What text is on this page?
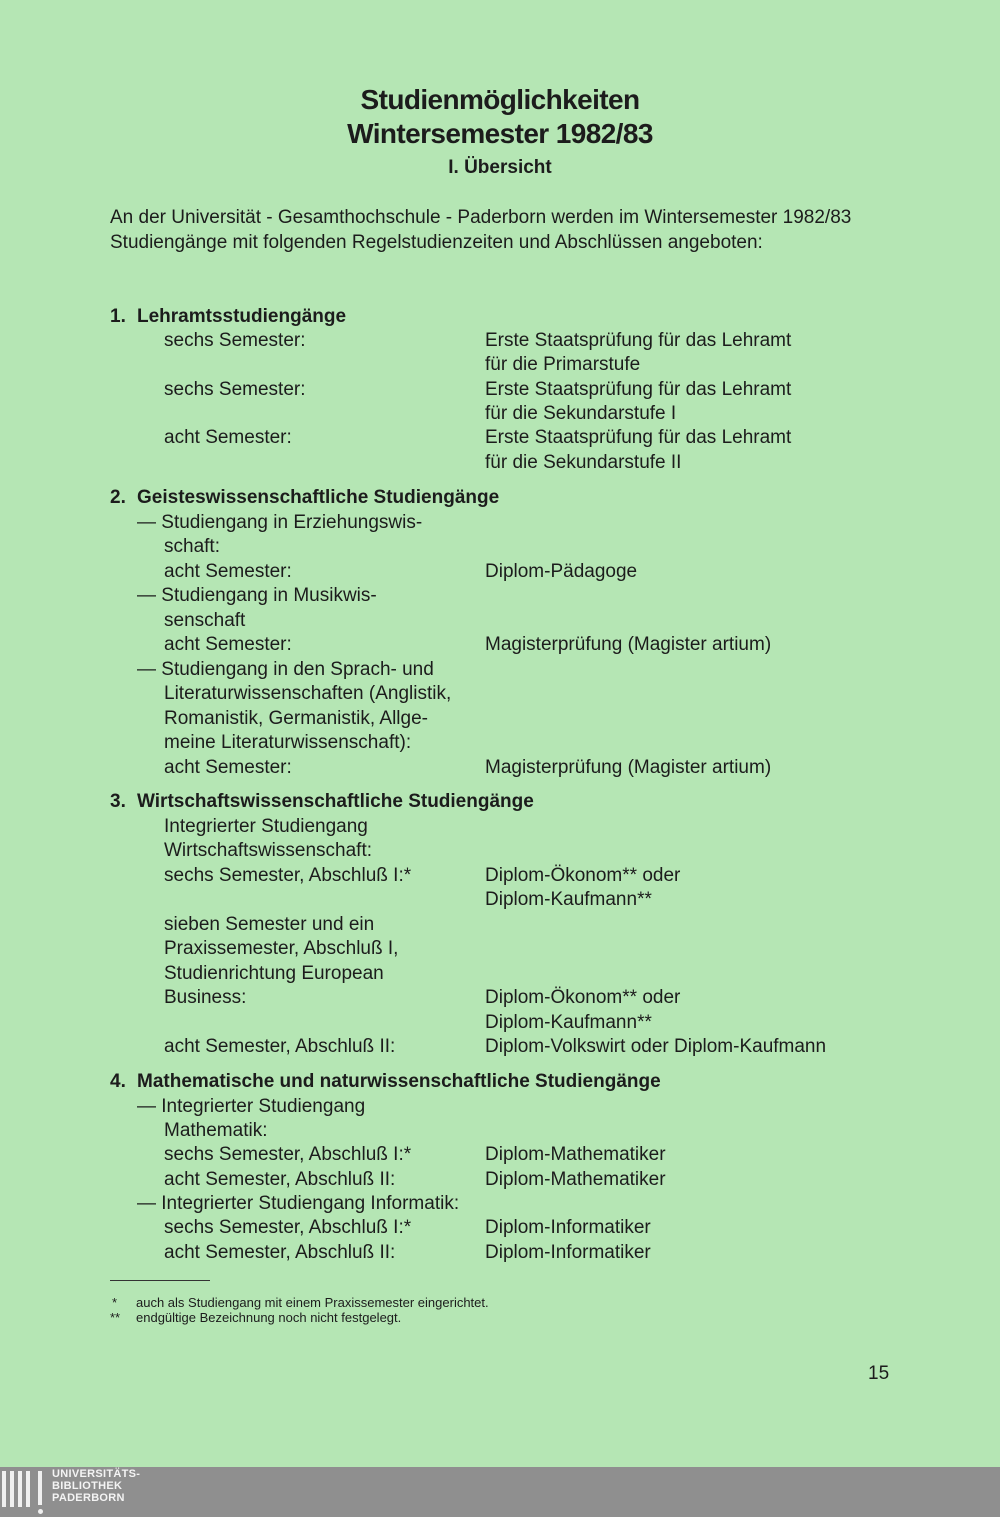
Studienmöglichkeiten
Wintersemester 1982/83
I. Übersicht
An der Universität - Gesamthochschule - Paderborn werden im Wintersemester 1982/83 Studiengänge mit folgenden Regelstudienzeiten und Abschlüssen angeboten:
1. Lehramtsstudiengänge
sechs Semester:	Erste Staatsprüfung für das Lehramt
für die Primarstufe
sechs Semester:	Erste Staatsprüfung für das Lehramt
für die Sekundarstufe I
acht Semester:	Erste Staatsprüfung für das Lehramt
für die Sekundarstufe II
2. Geisteswissenschaftliche Studiengänge
— Studiengang in Erziehungswis-
schaft:
acht Semester:	Diplom-Pädagoge
— Studiengang in Musikwis-
senschaft
acht Semester:	Magisterprüfung (Magister artium)
— Studiengang in den Sprach- und
Literaturwissenschaften (Anglistik,
Romanistik, Germanistik, Allge-
meine Literaturwissenschaft):
acht Semester:	Magisterprüfung (Magister artium)
3. Wirtschaftswissenschaftliche Studiengänge
Integrierter Studiengang
Wirtschaftswissenschaft:
sechs Semester, Abschluß I:*	Diplom-Ökonom** oder
Diplom-Kaufmann**
sieben Semester und ein
Praxissemester, Abschluß I,
Studienrichtung European
Business:	Diplom-Ökonom** oder
Diplom-Kaufmann**
acht Semester, Abschluß II:	Diplom-Volkswirt oder Diplom-Kaufmann
4. Mathematische und naturwissenschaftliche Studiengänge
— Integrierter Studiengang
Mathematik:
sechs Semester, Abschluß I:*	Diplom-Mathematiker
acht Semester, Abschluß II:	Diplom-Mathematiker
— Integrierter Studiengang Informatik:
sechs Semester, Abschluß I:*	Diplom-Informatiker
acht Semester, Abschluß II:	Diplom-Informatiker
* auch als Studiengang mit einem Praxissemester eingerichtet.
** endgültige Bezeichnung noch nicht festgelegt.
15
UNIVERSITÄTS-
BIBLIOTHEK
PADERBORN
